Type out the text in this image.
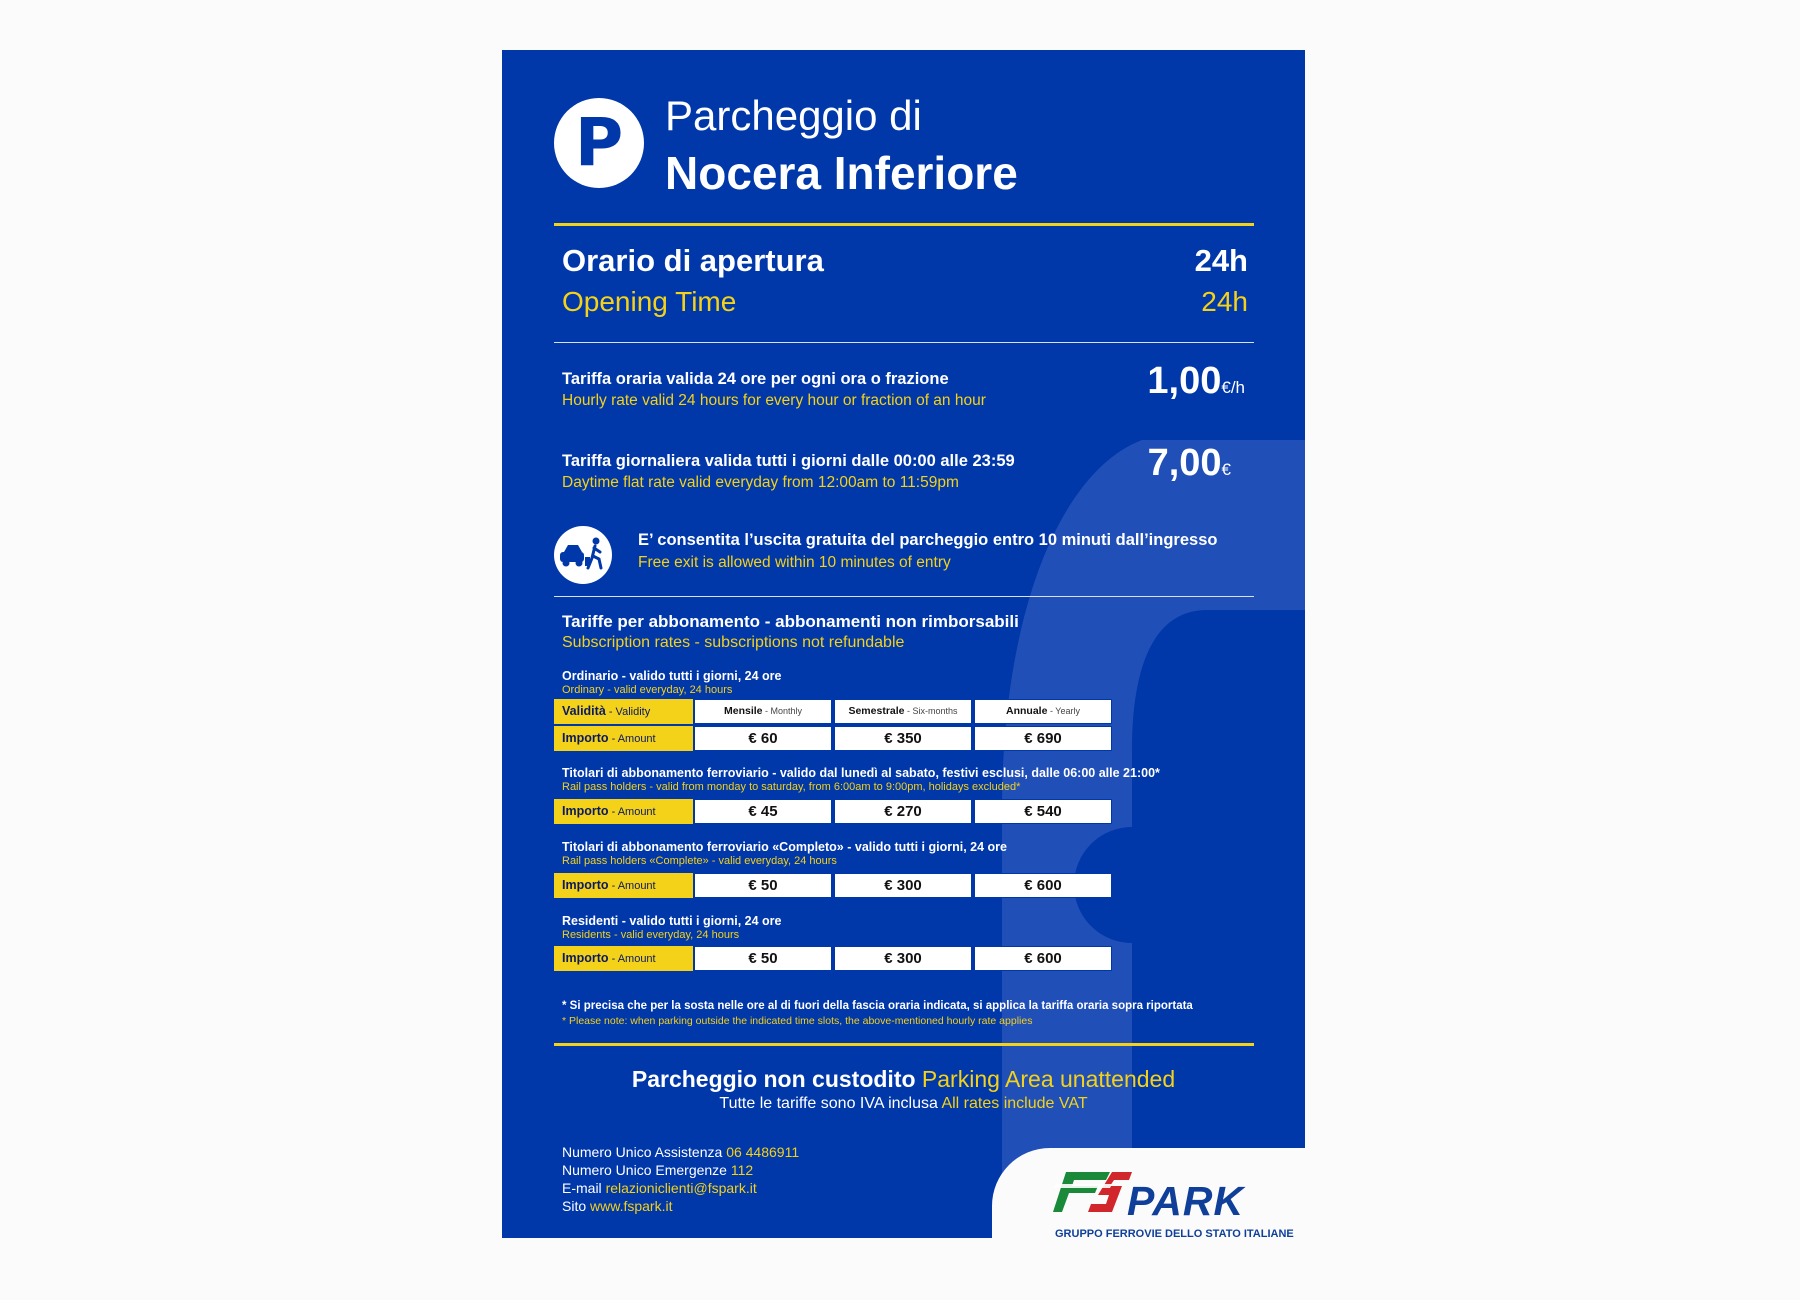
P Parcheggio di
Nocera Inferiore
Orario di apertura
Opening Time
24h
24h
Tariffa oraria valida 24 ore per ogni ora o frazione
Hourly rate valid 24 hours for every hour or fraction of an hour	1,00€/h
Tariffa giornaliera valida tutti i giorni dalle 00:00 alle 23:59
Daytime flat rate valid everyday from 12:00am to 11:59pm	7,00€
E’ consentita l’uscita gratuita del parcheggio entro 10 minuti dall’ingresso
Free exit is allowed within 10 minutes of entry
Tariffe per abbonamento - abbonamenti non rimborsabili
Subscription rates - subscriptions not refundable
Ordinario - valido tutti i giorni, 24 ore
Ordinary - valid everyday, 24 hours
Validità - Validity	Mensile - Monthly	Semestrale - Six-months	Annuale - Yearly
Importo - Amount	€ 60	€ 350	€ 690
Titolari di abbonamento ferroviario - valido dal lunedì al sabato, festivi esclusi, dalle 06:00 alle 21:00*
Rail pass holders - valid from monday to saturday, from 6:00am to 9:00pm, holidays excluded*
Importo - Amount	€ 45	€ 270	€ 540
Titolari di abbonamento ferroviario «Completo» - valido tutti i giorni, 24 ore
Rail pass holders «Complete» - valid everyday, 24 hours
Importo - Amount	€ 50	€ 300	€ 600
Residenti - valido tutti i giorni, 24 ore
Residents - valid everyday, 24 hours
Importo - Amount	€ 50	€ 300	€ 600
* Si precisa che per la sosta nelle ore al di fuori della fascia oraria indicata, si applica la tariffa oraria sopra riportata
* Please note: when parking outside the indicated time slots, the above-mentioned hourly rate applies
Parcheggio non custodito Parking Area unattended
Tutte le tariffe sono IVA inclusa All rates include VAT
Numero Unico Assistenza 06 4486911
Numero Unico Emergenze 112
E-mail relazioniclienti@fspark.it
Sito www.fspark.it	PARK
GRUPPO FERROVIE DELLO STATO ITALIANE
